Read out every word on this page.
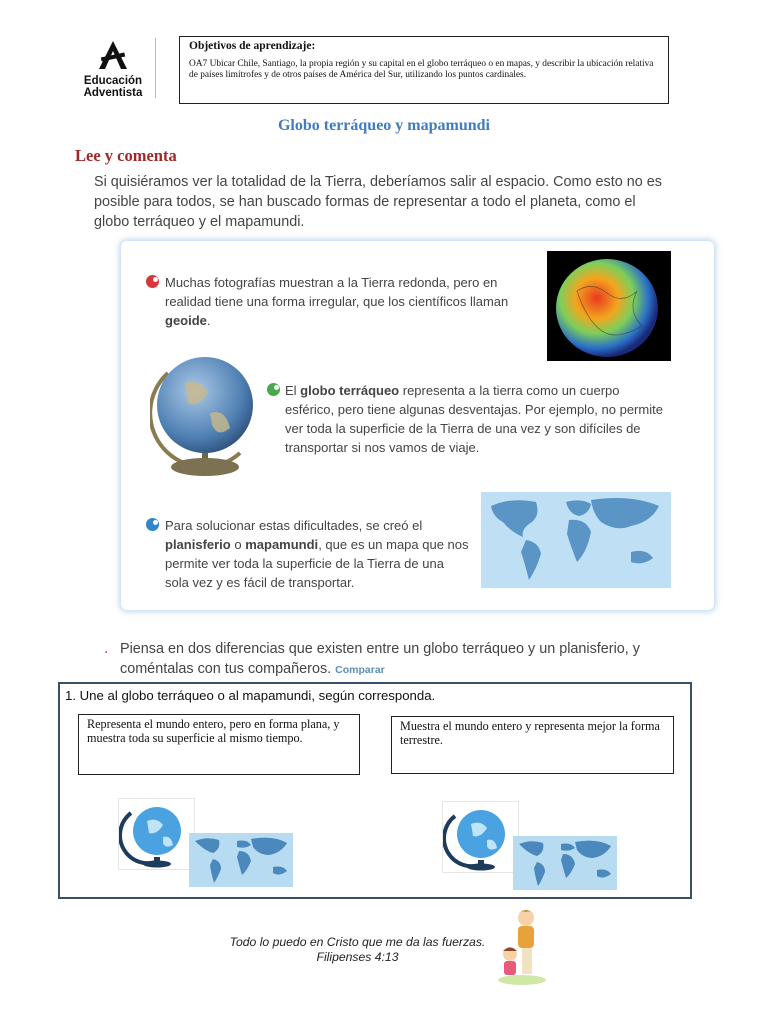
Educación
Adventista
Objetivos de aprendizaje:
OA7 Ubicar Chile, Santiago, la propia región y su capital en el globo terráqueo o en mapas, y describir la ubicación relativa de países limítrofes y de otros países de América del Sur, utilizando los puntos cardinales.
Globo terráqueo y mapamundi
Lee y comenta
Si quisiéramos ver la totalidad de la Tierra, deberíamos salir al espacio. Como esto no es posible para todos, se han buscado formas de representar a todo el planeta, como el globo terráqueo y el mapamundi.
Muchas fotografías muestran a la Tierra redonda, pero en realidad tiene una forma irregular, que los científicos llaman geoide.
El globo terráqueo representa a la tierra como un cuerpo esférico, pero tiene algunas desventajas. Por ejemplo, no permite ver toda la superficie de la Tierra de una vez y son difíciles de transportar si nos vamos de viaje.
Para solucionar estas dificultades, se creó el planisferio o mapamundi, que es un mapa que nos permite ver toda la superficie de la Tierra de una sola vez y es fácil de transportar.
. Piensa en dos diferencias que existen entre un globo terráqueo y un planisferio, y coméntalas con tus compañeros. Comparar
1. Une al globo terráqueo o al mapamundi, según corresponda.
Representa el mundo entero, pero en forma plana, y muestra toda su superficie al mismo tiempo.
Muestra el mundo entero y representa mejor la forma terrestre.
Todo lo puedo en Cristo que me da las fuerzas.
Filipenses 4:13
